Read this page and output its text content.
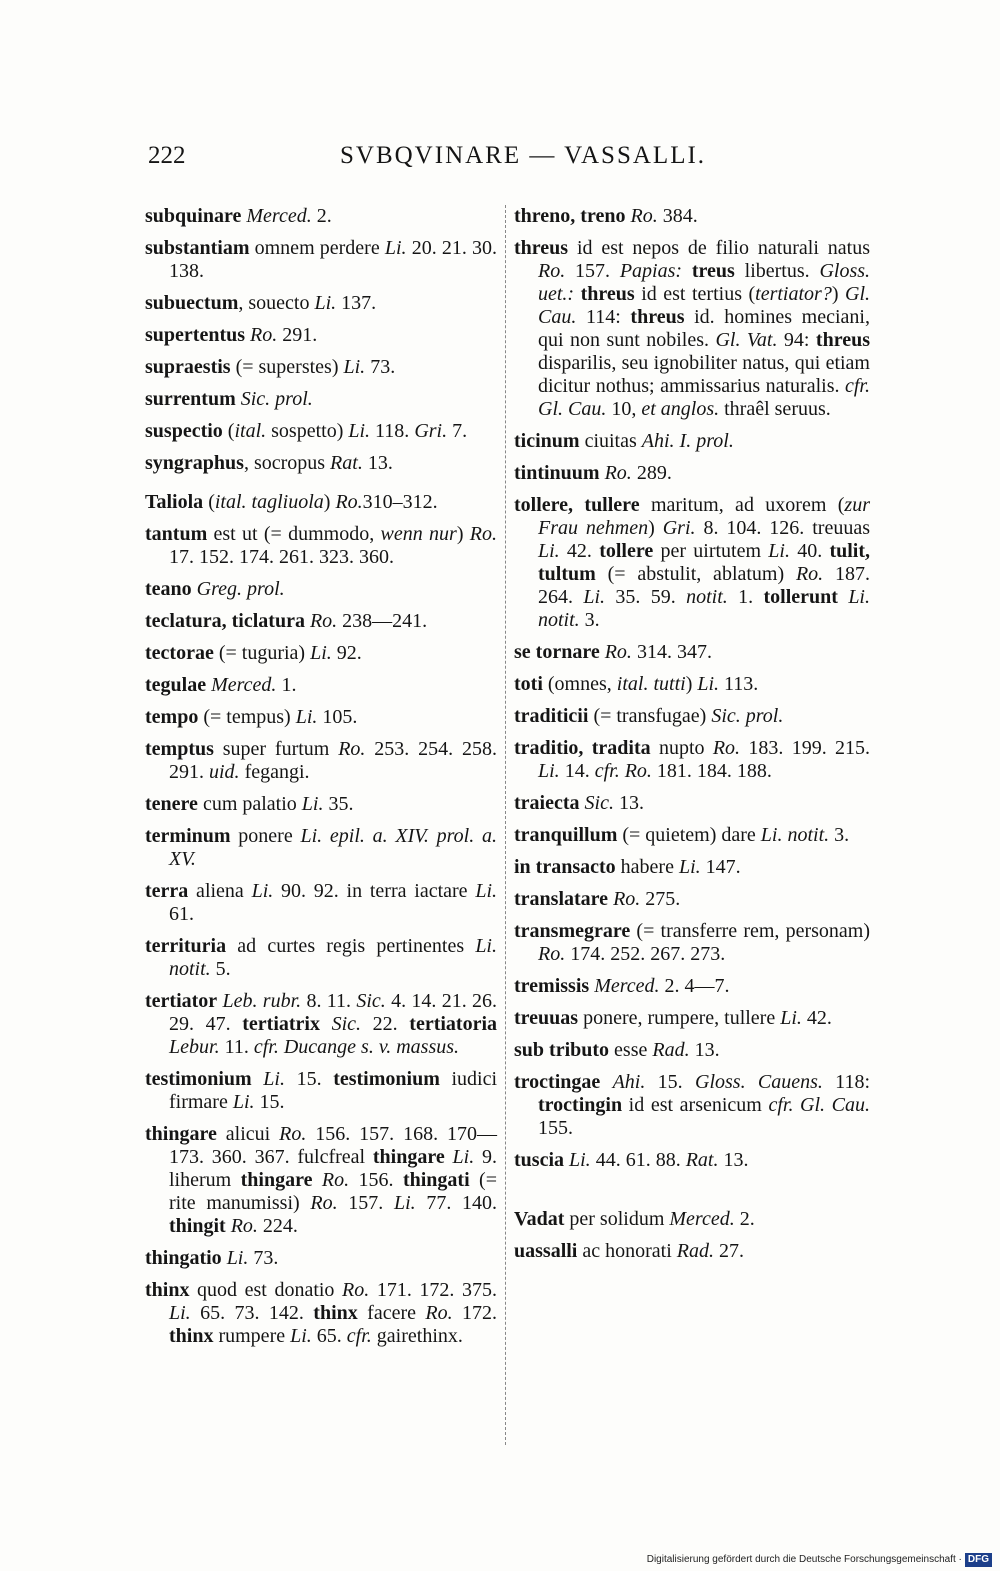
222	SVBQVINARE — VASSALLI.

subquinare Merced. 2.

substantiam omnem perdere Li. 20. 21. 30. 138.

subuectum, souecto Li. 137.

supertentus Ro. 291.

supraestis (= superstes) Li. 73.

surrentum Sic. prol.

suspectio (ital. sospetto) Li. 118. Gri. 7.

syngraphus, socropus Rat. 13.

Taliola (ital. tagliuola) Ro.310–312.

tantum est ut (= dummodo, wenn nur) Ro. 17. 152. 174. 261. 323. 360.

teano Greg. prol.

teclatura, ticlatura Ro. 238—241.

tectorae (= tuguria) Li. 92.

tegulae Merced. 1.

tempo (= tempus) Li. 105.

temptus super furtum Ro. 253. 254. 258. 291. uid. fegangi.

tenere cum palatio Li. 35.

terminum ponere Li. epil. a. XIV. prol. a. XV.

terra aliena Li. 90. 92. in terra iactare Li. 61.

territuria ad curtes regis pertinentes Li. notit. 5.

tertiator Leb. rubr. 8. 11. Sic. 4. 14. 21. 26. 29. 47. tertiatrix Sic. 22. tertiatoria Lebur. 11. cfr. Ducange s. v. massus.

testimonium Li. 15. testimonium iudici firmare Li. 15.

thingare alicui Ro. 156. 157. 168. 170—173. 360. 367. fulcfreal thingare Li. 9. liherum thingare Ro. 156. thingati (= rite manumissi) Ro. 157. Li. 77. 140. thingit Ro. 224.

thingatio Li. 73.

thinx quod est donatio Ro. 171. 172. 375. Li. 65. 73. 142. thinx facere Ro. 172. thinx rumpere Li. 65. cfr. gairethinx.

threno, treno Ro. 384.

threus id est nepos de filio naturali natus Ro. 157. Papias: treus libertus. Gloss. uet.: threus id est tertius (tertiator?) Gl. Cau. 114: threus id. homines meciani, qui non sunt nobiles. Gl. Vat. 94: threus disparilis, seu ignobiliter natus, qui etiam dicitur nothus; ammissarius naturalis. cfr. Gl. Cau. 10, et anglos. thraêl seruus.

ticinum ciuitas Ahi. I. prol.

tintinuum Ro. 289.

tollere, tullere maritum, ad uxorem (zur Frau nehmen) Gri. 8. 104. 126. treuuas Li. 42. tollere per uirtutem Li. 40. tulit, tultum (= abstulit, ablatum) Ro. 187. 264. Li. 35. 59. notit. 1. tollerunt Li. notit. 3.

se tornare Ro. 314. 347.

toti (omnes, ital. tutti) Li. 113.

traditicii (= transfugae) Sic. prol.

traditio, tradita nupto Ro. 183. 199. 215. Li. 14. cfr. Ro. 181. 184. 188.

traiecta Sic. 13.

tranquillum (= quietem) dare Li. notit. 3.

in transacto habere Li. 147.

translatare Ro. 275.

transmegrare (= transferre rem, personam) Ro. 174. 252. 267. 273.

tremissis Merced. 2. 4—7.

treuuas ponere, rumpere, tullere Li. 42.

sub tributo esse Rad. 13.

troctingae Ahi. 15. Gloss. Cauens. 118: troctingin id est arsenicum cfr. Gl. Cau. 155.

tuscia Li. 44. 61. 88. Rat. 13.

Vadat per solidum Merced. 2.

uassalli ac honorati Rad. 27.

Digitalisierung gefördert durch die Deutsche Forschungsgemeinschaft · DFG
